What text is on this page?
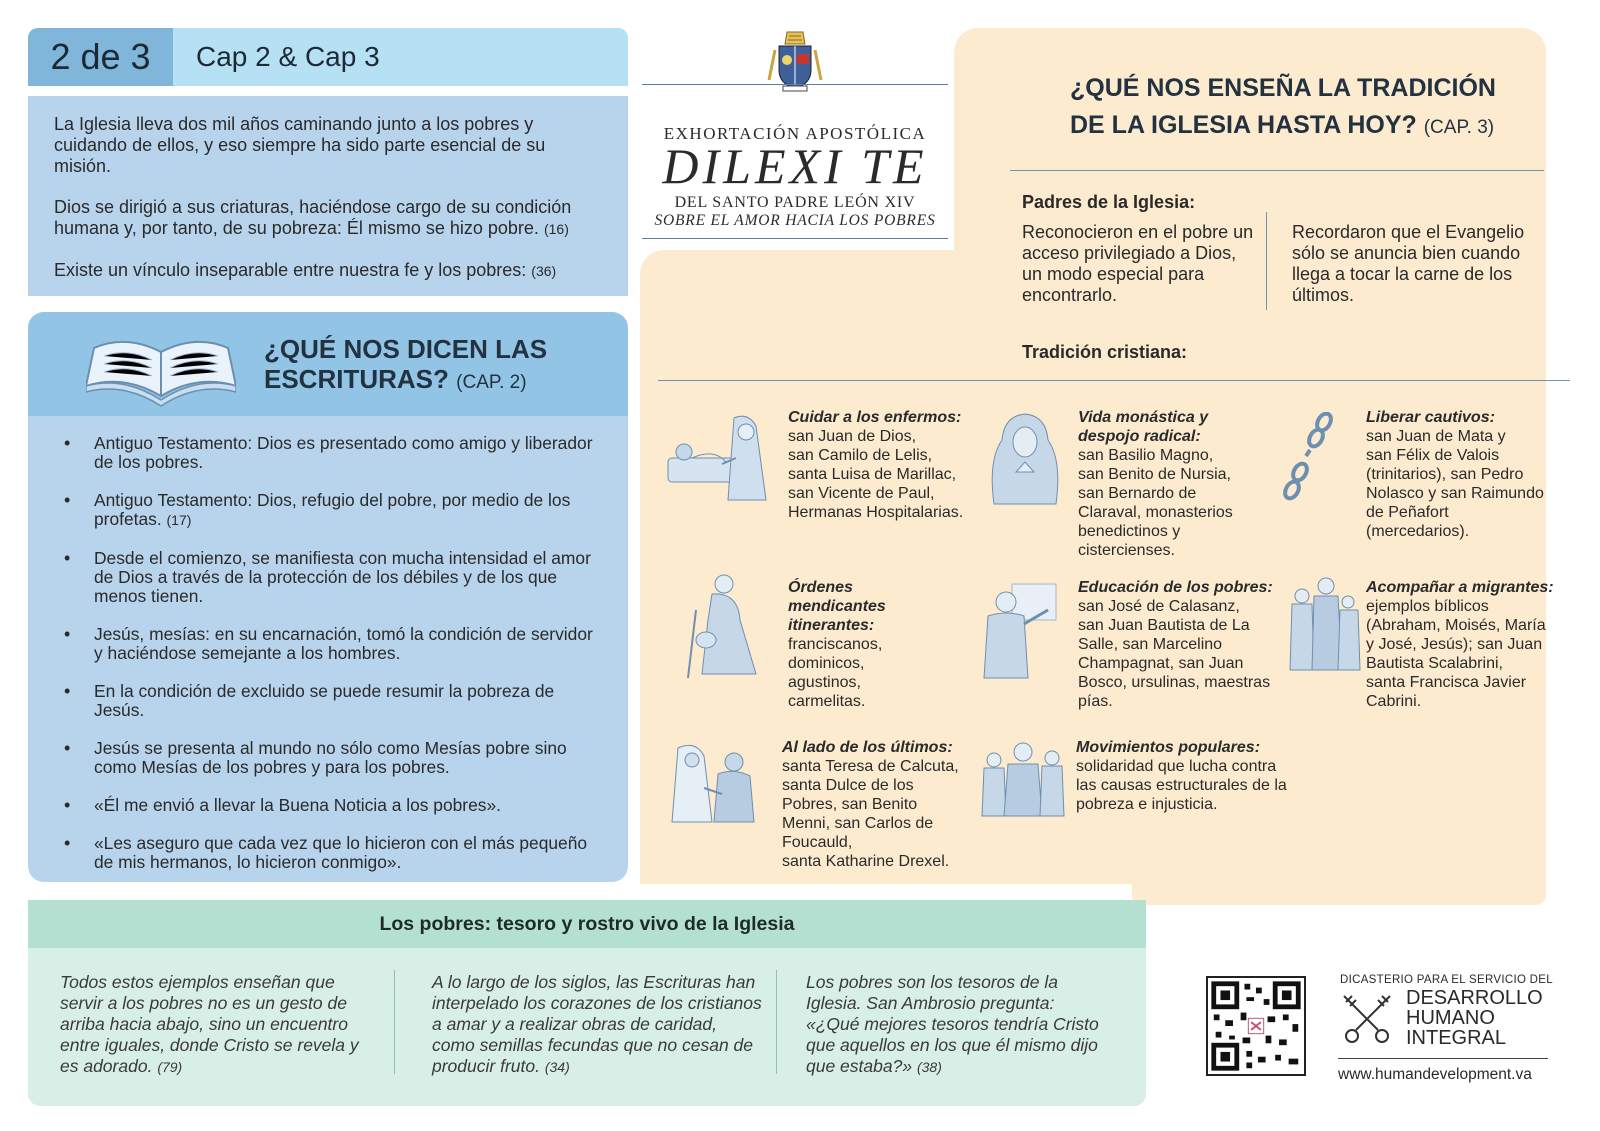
2 de 3	Cap 2 & Cap 3

La Iglesia lleva dos mil años caminando junto a los pobres y cuidando de ellos, y eso siempre ha sido parte esencial de su misión.

Dios se dirigió a sus criaturas, haciéndose cargo de su condición humana y, por tanto, de su pobreza: Él mismo se hizo pobre. (16)

Existe un vínculo inseparable entre nuestra fe y los pobres: (36)

¿QUÉ NOS DICEN LAS
ESCRITURAS? (CAP. 2)
• Antiguo Testamento: Dios es presentado como amigo y liberador de los pobres.
• Antiguo Testamento: Dios, refugio del pobre, por medio de los profetas. (17)
• Desde el comienzo, se manifiesta con mucha intensidad el amor de Dios a través de la protección de los débiles y de los que menos tienen.
• Jesús, mesías: en su encarnación, tomó la condición de servidor y haciéndose semejante a los hombres.
• En la condición de excluido se puede resumir la pobreza de Jesús.
• Jesús se presenta al mundo no sólo como Mesías pobre sino como Mesías de los pobres y para los pobres.
• «Él me envió a llevar la Buena Noticia a los pobres».
• «Les aseguro que cada vez que lo hicieron con el más pequeño de mis hermanos, lo hicieron conmigo».
EXHORTACIÓN APOSTÓLICA
DILEXI TE
DEL SANTO PADRE LEÓN XIV
SOBRE EL AMOR HACIA LOS POBRES
¿QUÉ NOS ENSEÑA LA TRADICIÓN
DE LA IGLESIA HASTA HOY? (CAP. 3)
Padres de la Iglesia:
Reconocieron en el pobre un acceso privilegiado a Dios, un modo especial para encontrarlo.
Recordaron que el Evangelio sólo se anuncia bien cuando llega a tocar la carne de los últimos.
Tradición cristiana:
Cuidar a los enfermos:
san Juan de Dios,
san Camilo de Lelis,
santa Luisa de Marillac,
san Vicente de Paul,
Hermanas Hospitalarias.
Vida monástica y
despojo radical:
san Basilio Magno,
san Benito de Nursia,
san Bernardo de
Claraval, monasterios
benedictinos y
cistercienses.
Liberar cautivos:
san Juan de Mata y
san Félix de Valois
(trinitarios), san Pedro
Nolasco y san Raimundo
de Peñafort
(mercedarios).
Órdenes
mendicantes
itinerantes:
franciscanos,
dominicos,
agustinos,
carmelitas.
Educación de los pobres:
san José de Calasanz,
san Juan Bautista de La
Salle, san Marcelino
Champagnat, san Juan
Bosco, ursulinas, maestras
pías.
Acompañar a migrantes:
ejemplos bíblicos
(Abraham, Moisés, María
y José, Jesús); san Juan
Bautista Scalabrini,
santa Francisca Javier
Cabrini.
Al lado de los últimos:
santa Teresa de Calcuta,
santa Dulce de los
Pobres, san Benito
Menni, san Carlos de
Foucauld,
santa Katharine Drexel.
Movimientos populares:
solidaridad que lucha contra
las causas estructurales de la
pobreza e injusticia.
Los pobres: tesoro y rostro vivo de la Iglesia
Todos estos ejemplos enseñan que servir a los pobres no es un gesto de arriba hacia abajo, sino un encuentro entre iguales, donde Cristo se revela y es adorado. (79)
A lo largo de los siglos, las Escrituras han interpelado los corazones de los cristianos a amar y a realizar obras de caridad, como semillas fecundas que no cesan de producir fruto. (34)
Los pobres son los tesoros de la Iglesia. San Ambrosio pregunta: «¿Qué mejores tesoros tendría Cristo que aquellos en los que él mismo dijo que estaba?» (38)
DICASTERIO PARA EL SERVICIO DEL
DESARROLLO
HUMANO
INTEGRAL
www.humandevelopment.va
